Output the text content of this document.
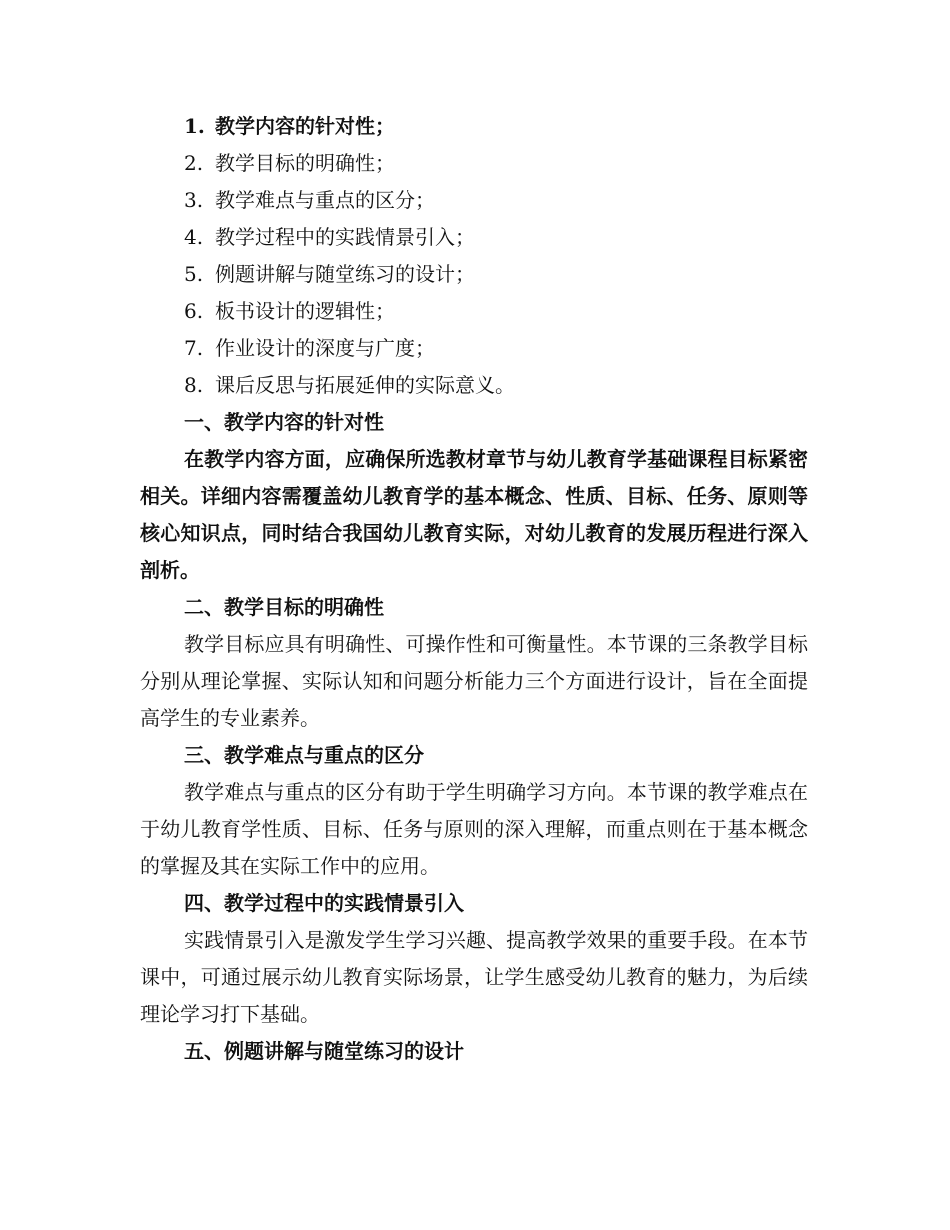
1. 教学内容的针对性；
2. 教学目标的明确性；
3. 教学难点与重点的区分；
4. 教学过程中的实践情景引入；
5. 例题讲解与随堂练习的设计；
6. 板书设计的逻辑性；
7. 作业设计的深度与广度；
8. 课后反思与拓展延伸的实际意义。
一、教学内容的针对性

在教学内容方面，应确保所选教材章节与幼儿教育学基础课程目标紧密相关。详细内容需覆盖幼儿教育学的基本概念、性质、目标、任务、原则等核心知识点，同时结合我国幼儿教育实际，对幼儿教育的发展历程进行深入剖析。

二、教学目标的明确性

教学目标应具有明确性、可操作性和可衡量性。本节课的三条教学目标分别从理论掌握、实际认知和问题分析能力三个方面进行设计，旨在全面提高学生的专业素养。

三、教学难点与重点的区分

教学难点与重点的区分有助于学生明确学习方向。本节课的教学难点在于幼儿教育学性质、目标、任务与原则的深入理解，而重点则在于基本概念的掌握及其在实际工作中的应用。

四、教学过程中的实践情景引入

实践情景引入是激发学生学习兴趣、提高教学效果的重要手段。在本节课中，可通过展示幼儿教育实际场景，让学生感受幼儿教育的魅力，为后续理论学习打下基础。

五、例题讲解与随堂练习的设计
